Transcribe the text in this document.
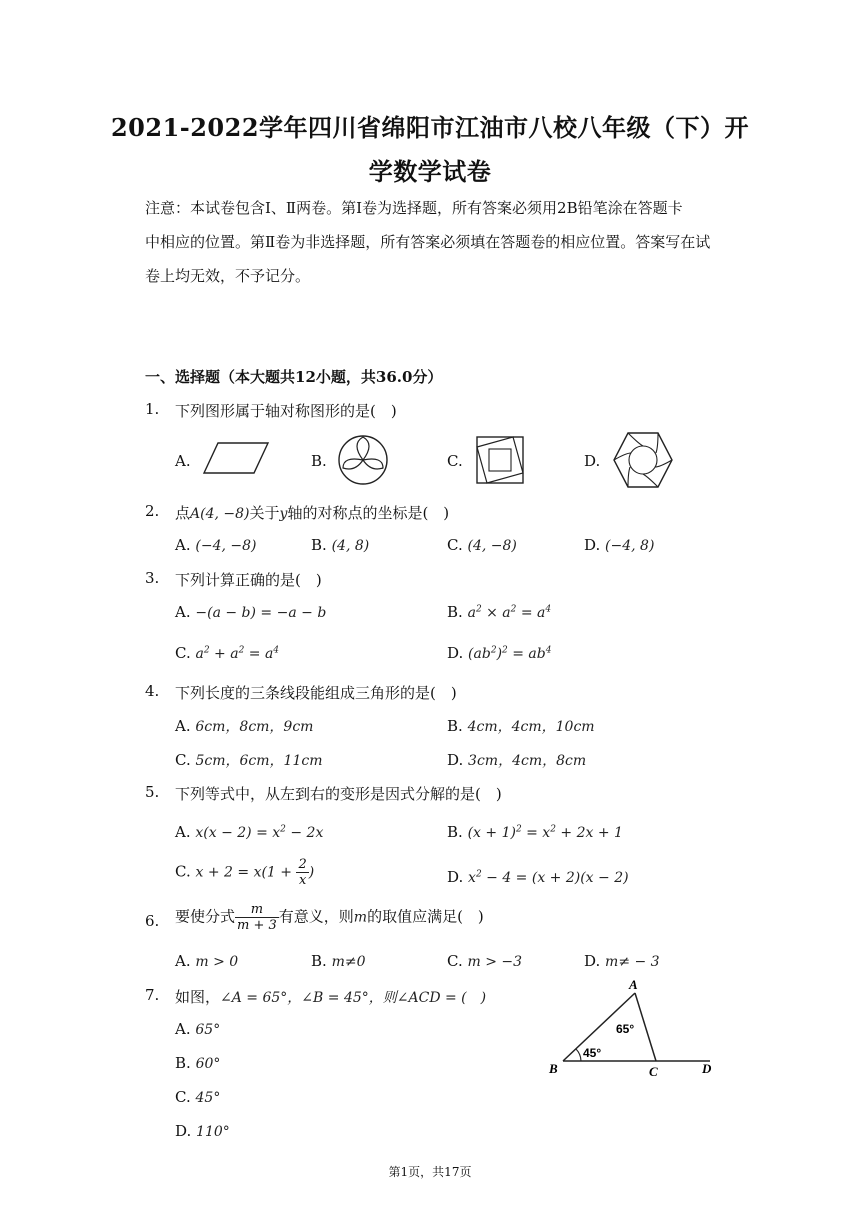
2021-2022学年四川省绵阳市江油市八校八年级（下）开
学数学试卷
注意：本试卷包含Ⅰ、Ⅱ两卷。第Ⅰ卷为选择题，所有答案必须用2B铅笔涂在答题卡
中相应的位置。第Ⅱ卷为非选择题，所有答案必须填在答题卷的相应位置。答案写在试
卷上均无效，不予记分。
一、选择题（本大题共12小题，共36.0分）
1. 下列图形属于轴对称图形的是(　)
A.	B.	C.	D.
2. 点A(4, −8)关于y轴的对称点的坐标是(　)
A. (−4, −8)	B. (4, 8)	C. (4, −8)	D. (−4, 8)
3. 下列计算正确的是(　)
A. −(a − b) = −a − b	B. $a^2 \times a^2 = a^4$
C. $a^2 + a^2 = a^4$	D. $(ab^2)^2 = ab^4$
4. 下列长度的三条线段能组成三角形的是(　)
A. 6cm，8cm，9cm	B. 4cm，4cm，10cm
C. 5cm，6cm，11cm	D. 3cm，4cm，8cm
5. 下列等式中，从左到右的变形是因式分解的是(　)
A. $x(x - 2) = x^2 - 2x$	B. $(x + 1)^2 = x^2 + 2x + 1$
C. $x + 2 = x(1 + \frac{2}{x}$ )	D. $x^2 - 4 = (x + 2)(x - 2)$
6. 要使分式 $\frac{m}{m + 3}$ 有意义，则m的取值应满足(　)
A. m > 0	B. m≠0	C. m > −3	D. m≠ − 3
7. 如图，∠A = 65°，∠B = 45°，则∠ACD = (　)
A. 65°
B. 60°
C. 45°
D. 110°
A
B	C	D
65°
45°
第1页，共17页
